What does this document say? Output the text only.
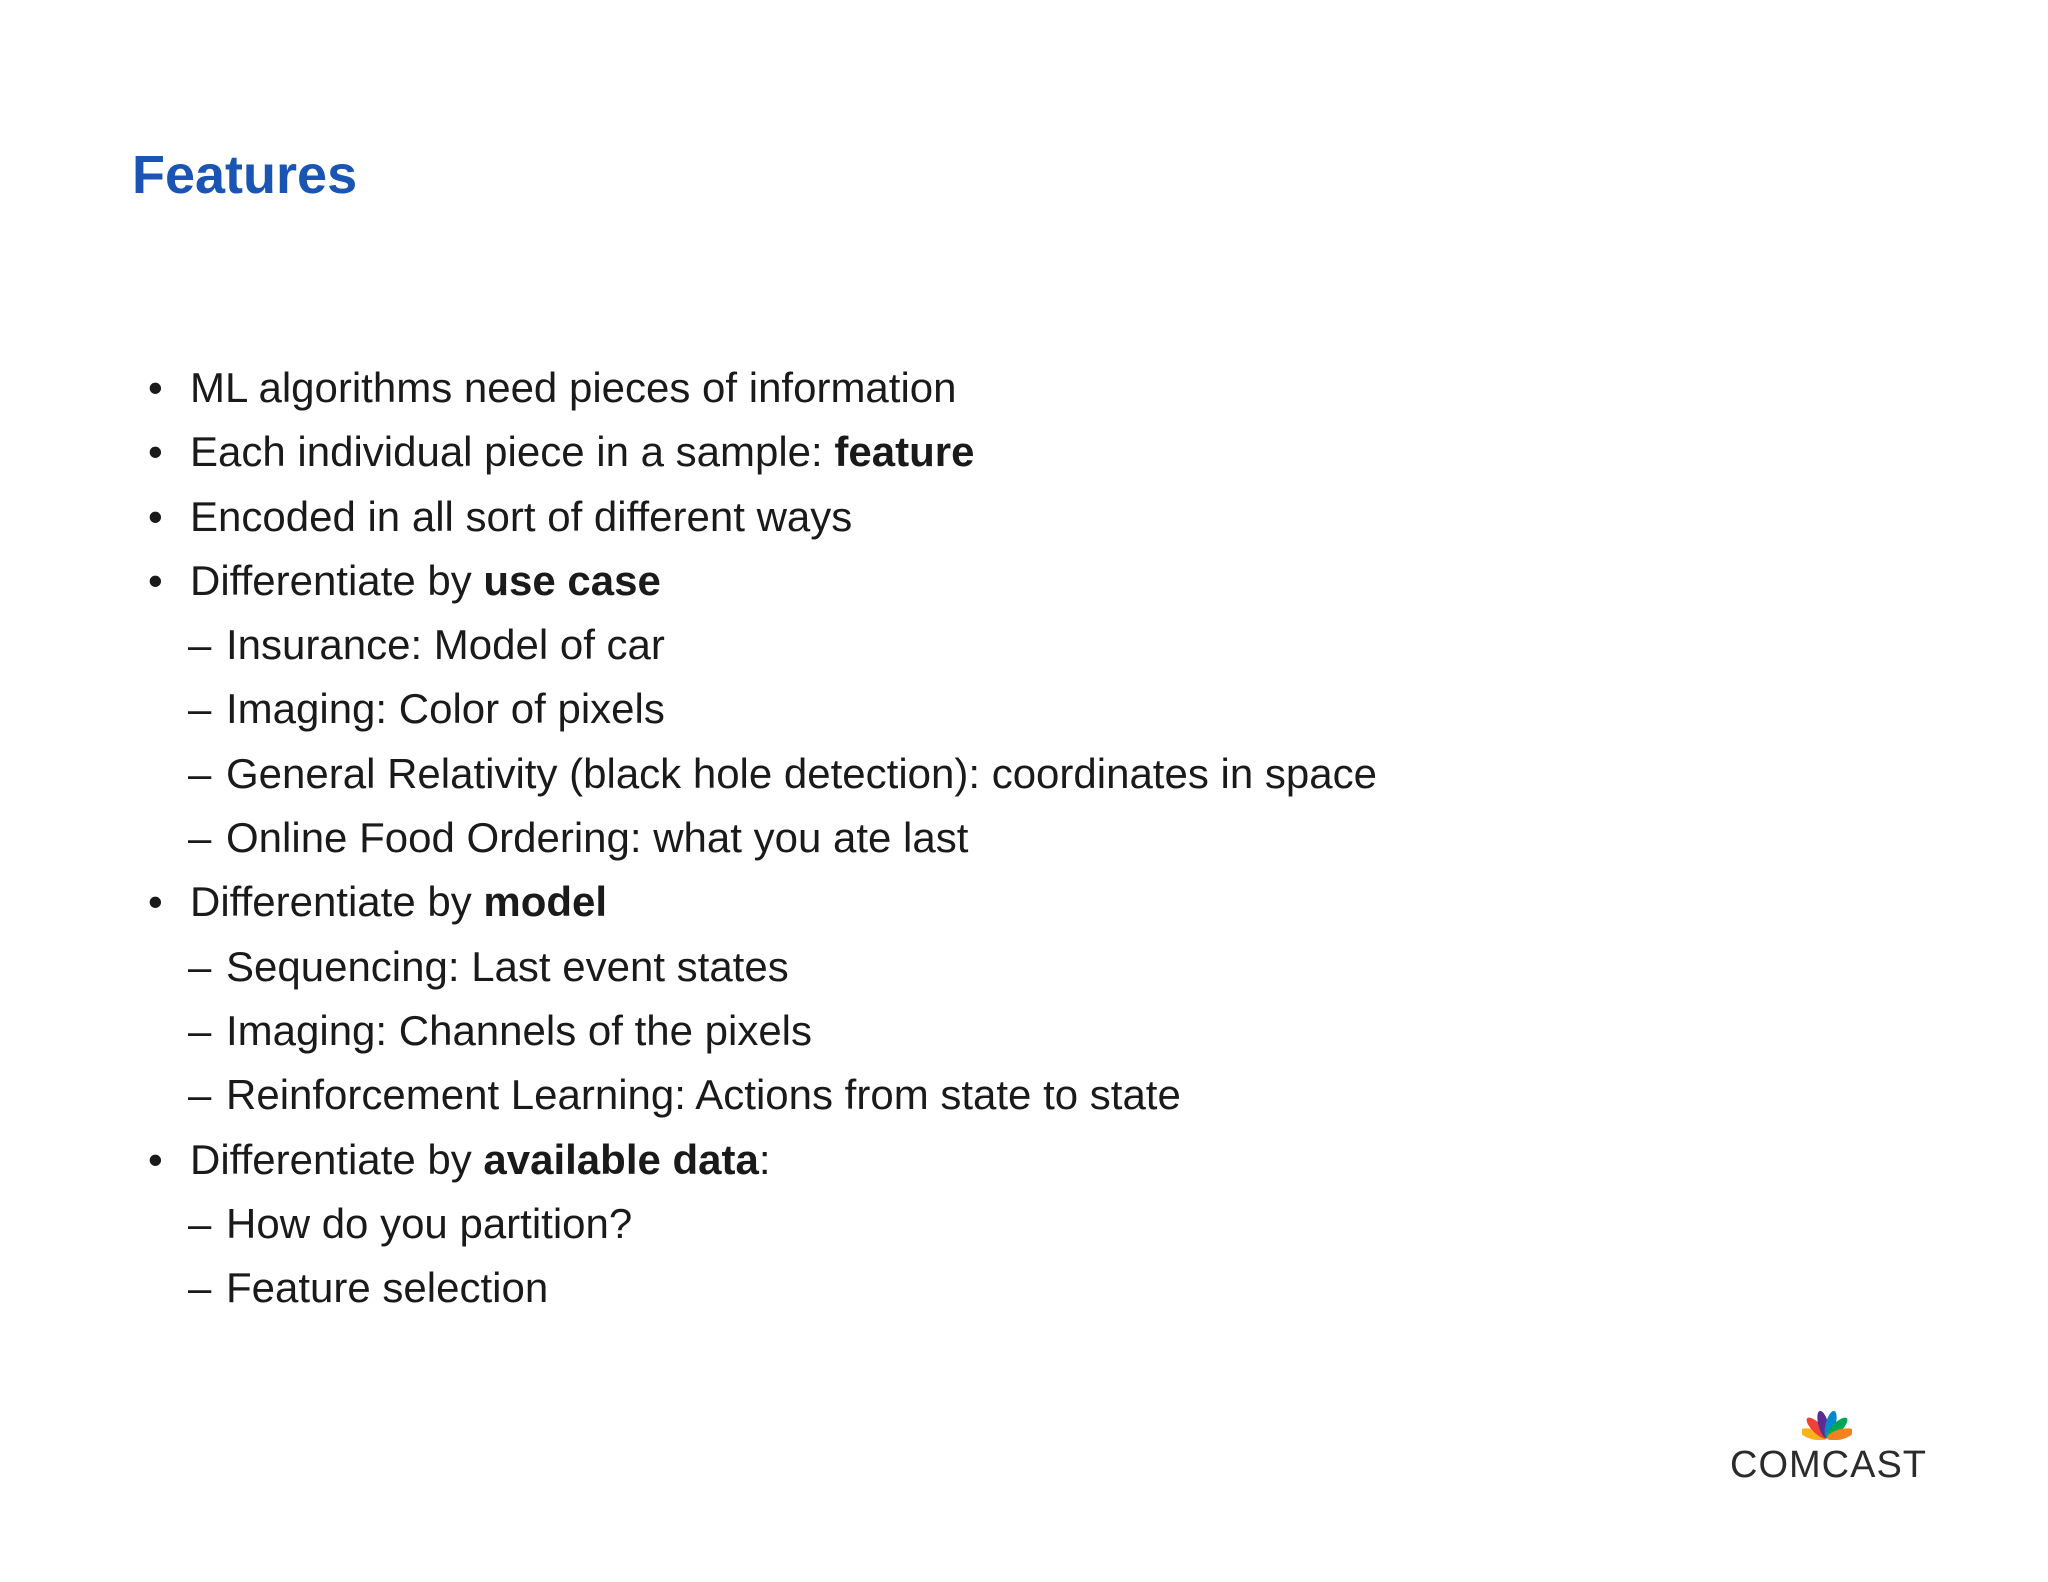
Features
• ML algorithms need pieces of information
• Each individual piece in a sample: feature
• Encoded in all sort of different ways
• Differentiate by use case
– Insurance: Model of car
– Imaging: Color of pixels
– General Relativity (black hole detection): coordinates in space
– Online Food Ordering: what you ate last
• Differentiate by model
– Sequencing: Last event states
– Imaging: Channels of the pixels
– Reinforcement Learning: Actions from state to state
• Differentiate by available data:
– How do you partition?
– Feature selection
COMCAST
